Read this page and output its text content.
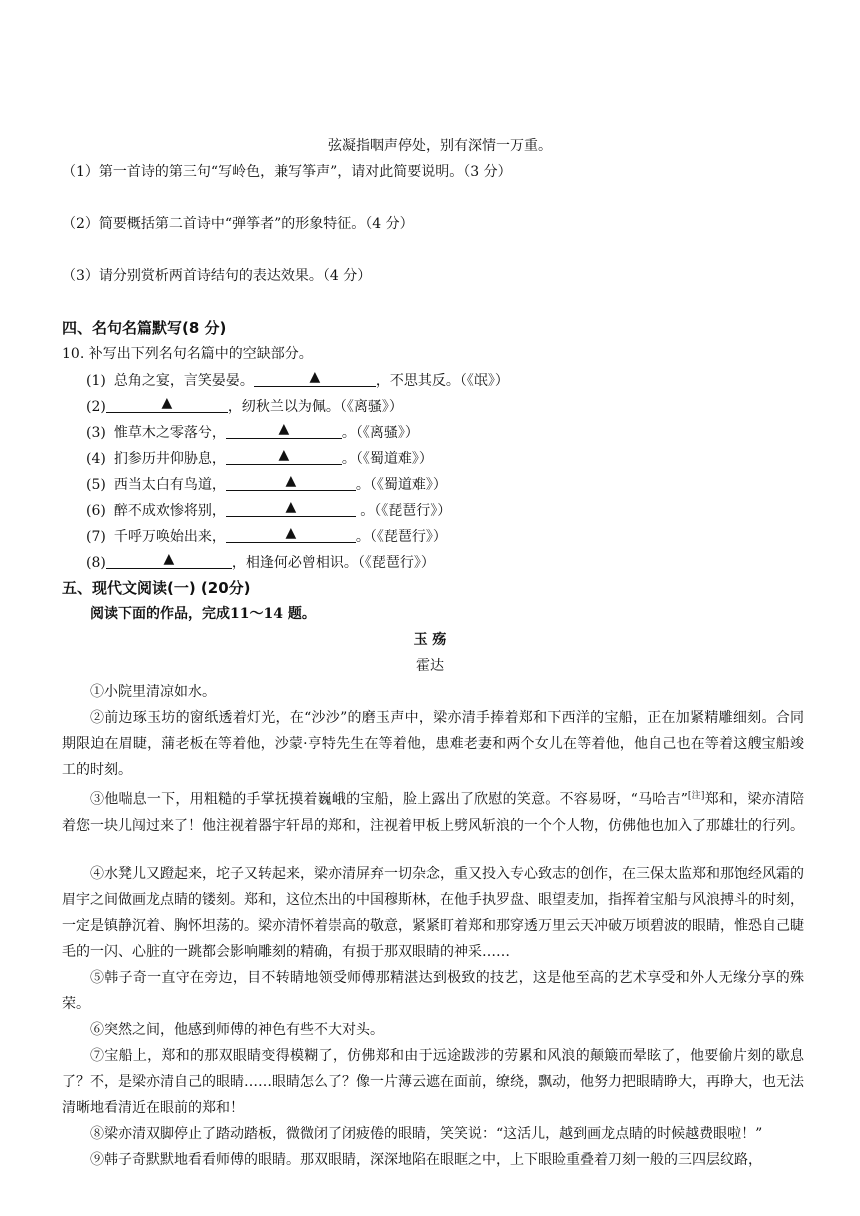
弦凝指咽声停处，别有深情一万重。
（1）第一首诗的第三句“写岭色，兼写筝声”，请对此简要说明。（3 分）
（2）简要概括第二首诗中“弹筝者”的形象特征。（4 分）
（3）请分别赏析两首诗结句的表达效果。（4 分）
四、名句名篇默写(8 分)
10. 补写出下列名句名篇中的空缺部分。
(1) 总角之宴，言笑晏晏。	▲	，不思其反。（《氓》）
(2)	▲	，纫秋兰以为佩。（《离骚》）
(3) 惟草木之零落兮，	▲	。（《离骚》）
(4) 扪参历井仰胁息，	▲	。（《蜀道难》）
(5) 西当太白有鸟道，	▲	。（《蜀道难》）
(6) 醉不成欢惨将别，	▲	。（《琵琶行》）
(7) 千呼万唤始出来，	▲	。（《琵琶行》）
(8)	▲	，相逢何必曾相识。（《琵琶行》）
五、现代文阅读(一) (20分)
阅读下面的作品，完成11～14 题。
玉 殇
霍达
①小院里清凉如水。
②前边琢玉坊的窗纸透着灯光，在“沙沙”的磨玉声中，梁亦清手捧着郑和下西洋的宝船，正在加紧精雕细刻。合同期限迫在眉睫，蒲老板在等着他，沙蒙·亨特先生在等着他，患难老妻和两个女儿在等着他，他自己也在等着这艘宝船竣工的时刻。
③他喘息一下，用粗糙的手掌抚摸着巍峨的宝船，脸上露出了欣慰的笑意。不容易呀，“马哈吉”[注]郑和，梁亦清陪着您一块儿闯过来了！他注视着器宇轩昂的郑和，注视着甲板上劈风斩浪的一个个人物，仿佛他也加入了那雄壮的行列。
④水凳儿又蹬起来，坨子又转起来，梁亦清屏弃一切杂念，重又投入专心致志的创作，在三保太监郑和那饱经风霜的眉宇之间做画龙点睛的镂刻。郑和，这位杰出的中国穆斯林，在他手执罗盘、眼望麦加，指挥着宝船与风浪搏斗的时刻，一定是镇静沉着、胸怀坦荡的。梁亦清怀着崇高的敬意，紧紧盯着郑和那穿透万里云天冲破万顷碧波的眼睛，惟恐自己睫毛的一闪、心脏的一跳都会影响雕刻的精确，有损于那双眼睛的神采……
⑤韩子奇一直守在旁边，目不转睛地领受师傅那精湛达到极致的技艺，这是他至高的艺术享受和外人无缘分享的殊荣。
⑥突然之间，他感到师傅的神色有些不大对头。
⑦宝船上，郑和的那双眼睛变得模糊了，仿佛郑和由于远途跋涉的劳累和风浪的颠簸而晕眩了，他要偷片刻的歇息了？不，是梁亦清自己的眼睛……眼睛怎么了？像一片薄云遮在面前，缭绕，飘动，他努力把眼睛睁大，再睁大，也无法清晰地看清近在眼前的郑和！
⑧梁亦清双脚停止了踏动踏板，微微闭了闭疲倦的眼睛，笑笑说：“这活儿，越到画龙点睛的时候越费眼啦！”
⑨韩子奇默默地看看师傅的眼睛。那双眼睛，深深地陷在眼眶之中，上下眼睑重叠着刀刻一般的三四层纹路，
